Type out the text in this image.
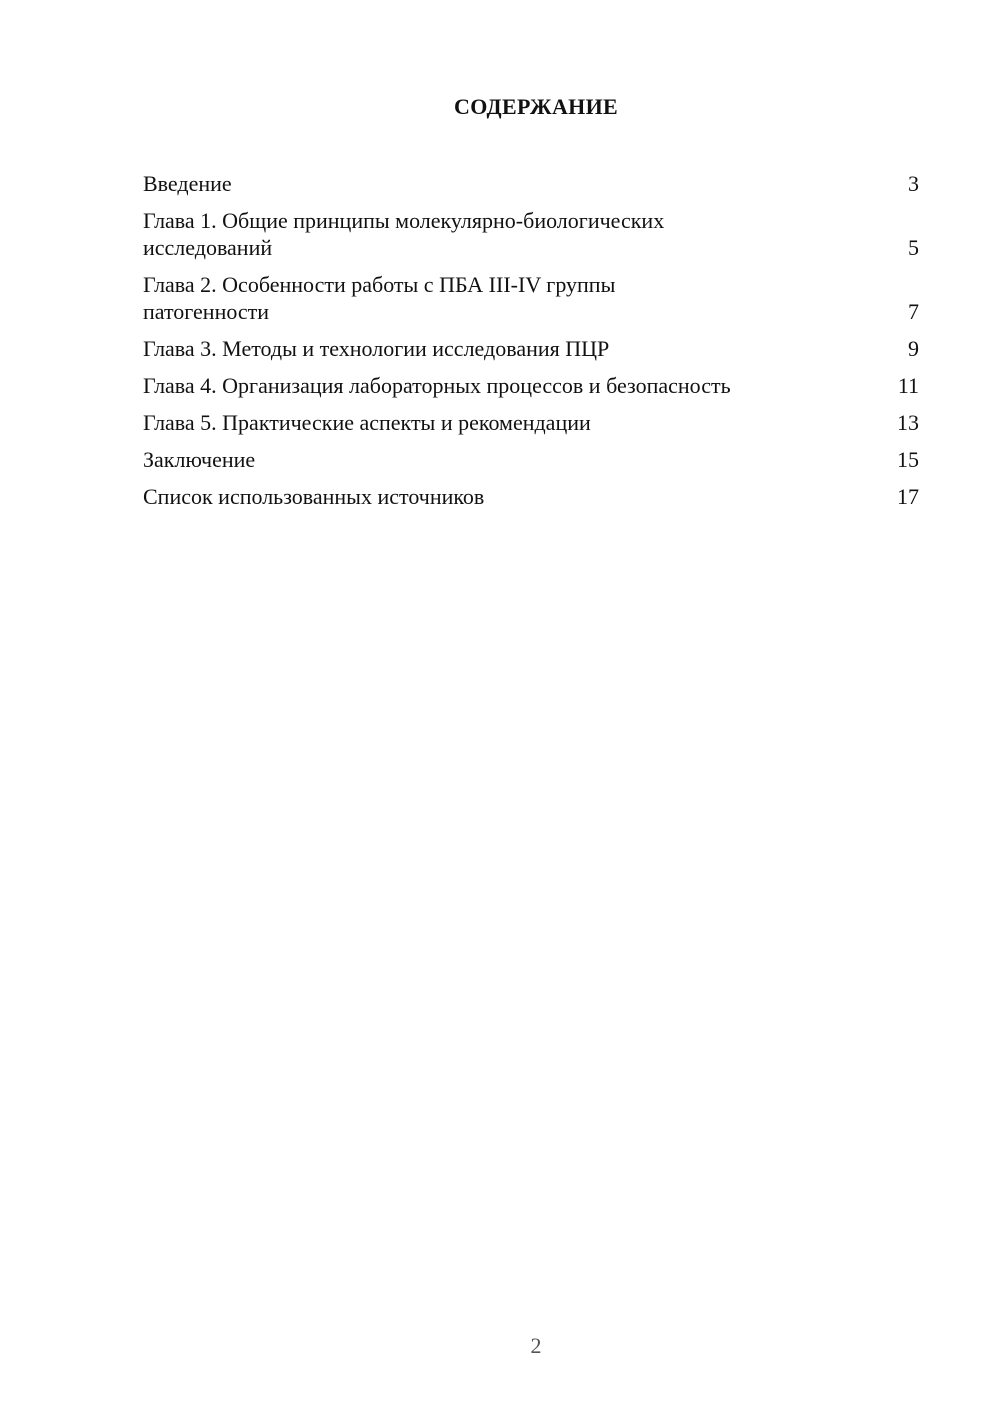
СОДЕРЖАНИЕ
Введение	3
Глава 1. Общие принципы молекулярно-биологических исследований	5
Глава 2. Особенности работы с ПБА III-IV группы патогенности	7
Глава 3. Методы и технологии исследования ПЦР	9
Глава 4. Организация лабораторных процессов и безопасность	11
Глава 5. Практические аспекты и рекомендации	13
Заключение	15
Список использованных источников	17
2
